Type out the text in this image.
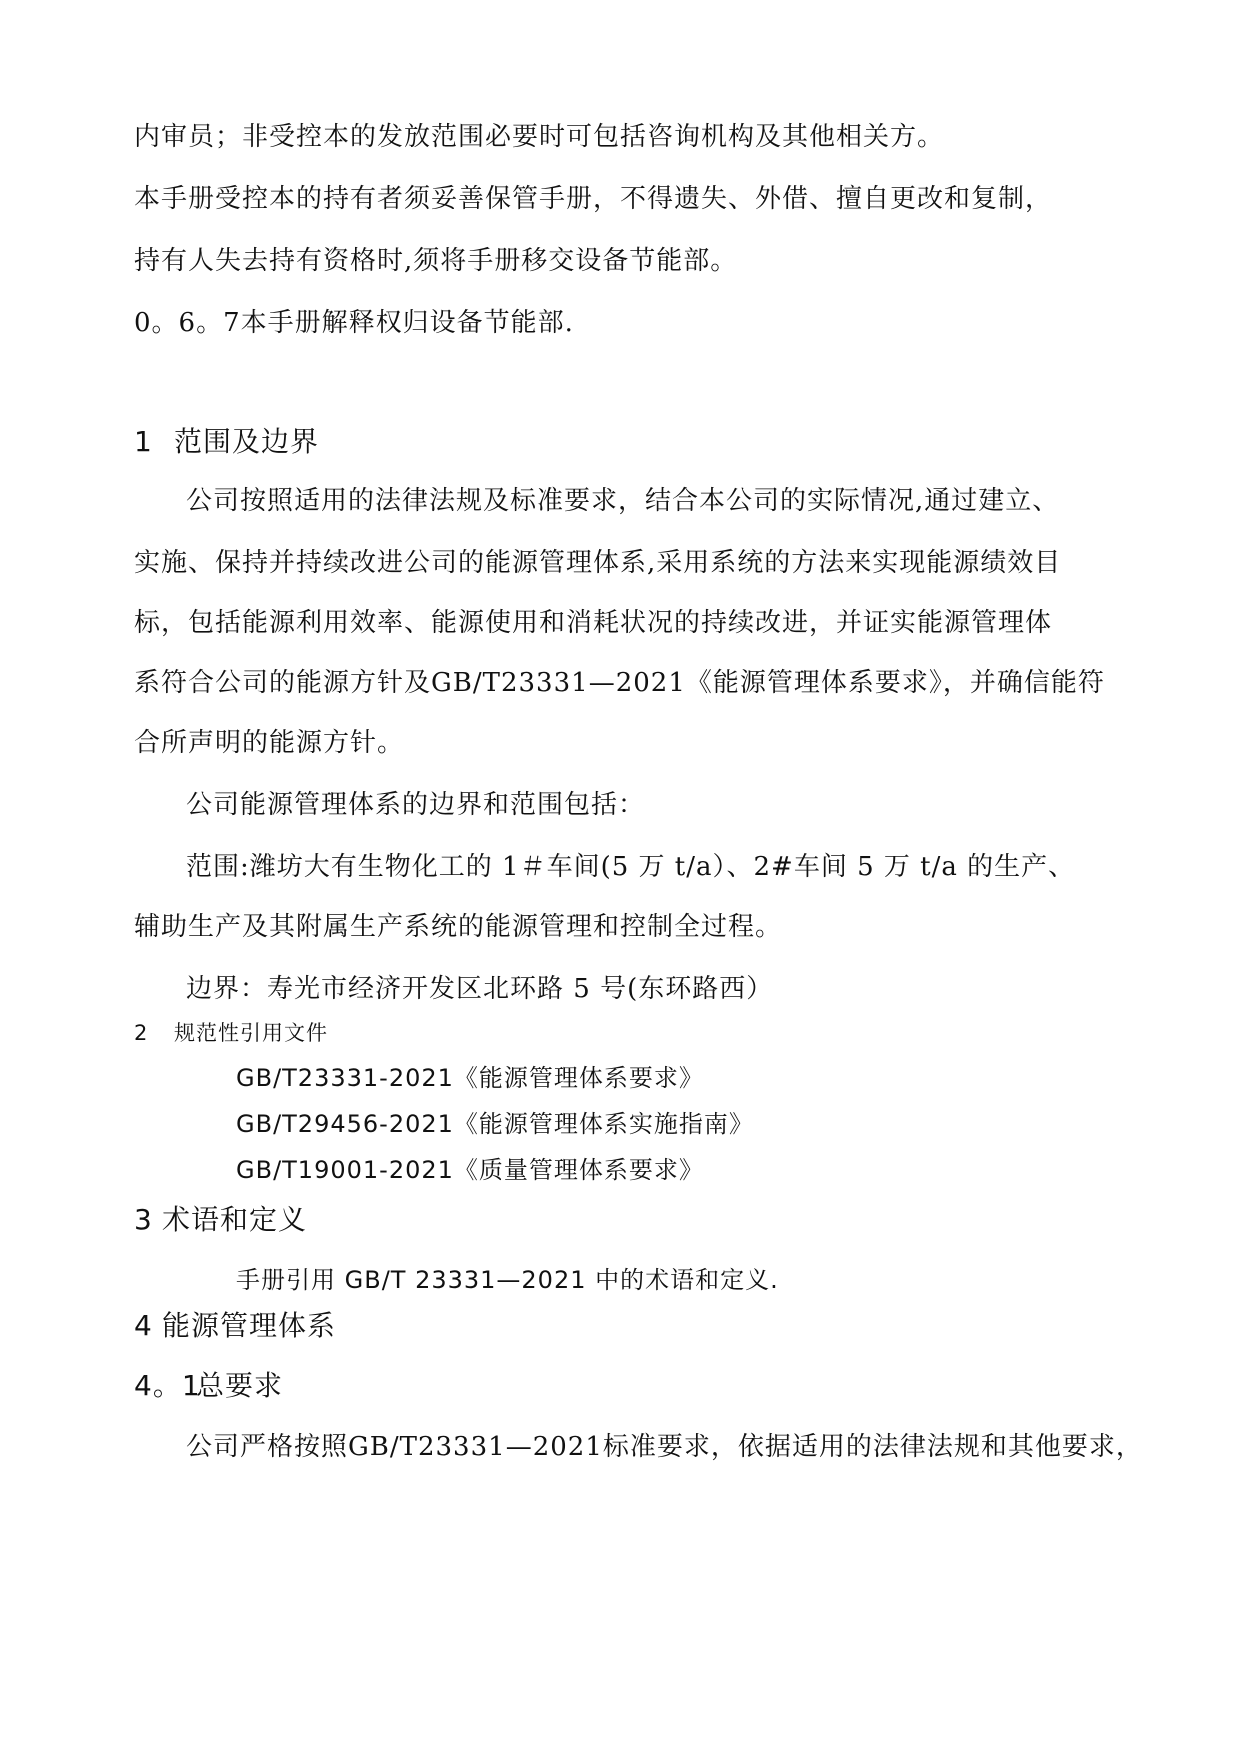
内审员；非受控本的发放范围必要时可包括咨询机构及其他相关方。
本手册受控本的持有者须妥善保管手册，不得遗失、外借、擅自更改和复制，
持有人失去持有资格时,须将手册移交设备节能部。
0。6。7本手册解释权归设备节能部.
1 范围及边界
公司按照适用的法律法规及标准要求，结合本公司的实际情况,通过建立、
实施、保持并持续改进公司的能源管理体系,采用系统的方法来实现能源绩效目
标，包括能源利用效率、能源使用和消耗状况的持续改进，并证实能源管理体
系符合公司的能源方针及GB/T23331—2021《能源管理体系要求》，并确信能符
合所声明的能源方针。
公司能源管理体系的边界和范围包括：
范围:潍坊大有生物化工的 1＃车间(5 万 t/a）、2#车间 5 万 t/a 的生产、
辅助生产及其附属生产系统的能源管理和控制全过程。
边界：寿光市经济开发区北环路 5 号(东环路西）
2 规范性引用文件
GB/T23331-2021《能源管理体系要求》
GB/T29456-2021《能源管理体系实施指南》
GB/T19001-2021《质量管理体系要求》
3 术语和定义
手册引用 GB/T 23331—2021 中的术语和定义.
4 能源管理体系
4。1总要求
公司严格按照GB/T23331—2021标准要求，依据适用的法律法规和其他要求，
